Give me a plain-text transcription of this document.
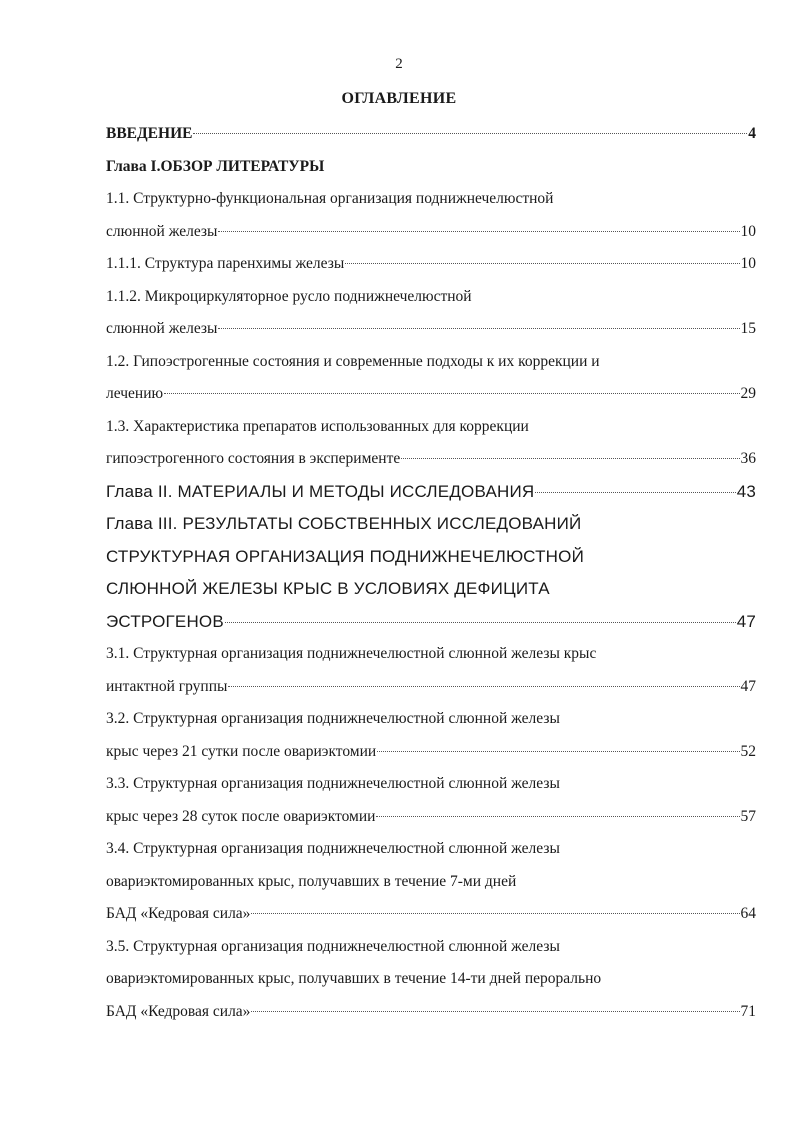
2
ОГЛАВЛЕНИЕ
ВВЕДЕНИЕ	4
Глава I.ОБЗОР ЛИТЕРАТУРЫ
1.1. Структурно-функциональная организация поднижнечелюстной
слюнной железы	10
1.1.1. Структура паренхимы железы	10
1.1.2. Микроциркуляторное русло поднижнечелюстной
слюнной железы	15
1.2. Гипоэстрогенные состояния и современные подходы к их коррекции и
лечению	29
1.3. Характеристика препаратов использованных для коррекции
гипоэстрогенного состояния в эксперименте	36
Глава II. МАТЕРИАЛЫ И МЕТОДЫ ИССЛЕДОВАНИЯ	43
Глава III. РЕЗУЛЬТАТЫ СОБСТВЕННЫХ ИССЛЕДОВАНИЙ
СТРУКТУРНАЯ ОРГАНИЗАЦИЯ ПОДНИЖНЕЧЕЛЮСТНОЙ
СЛЮННОЙ ЖЕЛЕЗЫ КРЫС В УСЛОВИЯХ ДЕФИЦИТА
ЭСТРОГЕНОВ	47
3.1. Структурная организация поднижнечелюстной слюнной железы крыс
интактной группы	47
3.2. Структурная организация поднижнечелюстной слюнной железы
крыс через 21 сутки после овариэктомии	52
3.3. Структурная организация поднижнечелюстной слюнной железы
крыс через 28 суток после овариэктомии	57
3.4. Структурная организация поднижнечелюстной слюнной железы
овариэктомированных крыс, получавших в течение 7-ми дней
БАД «Кедровая сила»	64
3.5. Структурная организация поднижнечелюстной слюнной железы
овариэктомированных крыс, получавших в течение 14-ти дней перорально
БАД «Кедровая сила»	71
